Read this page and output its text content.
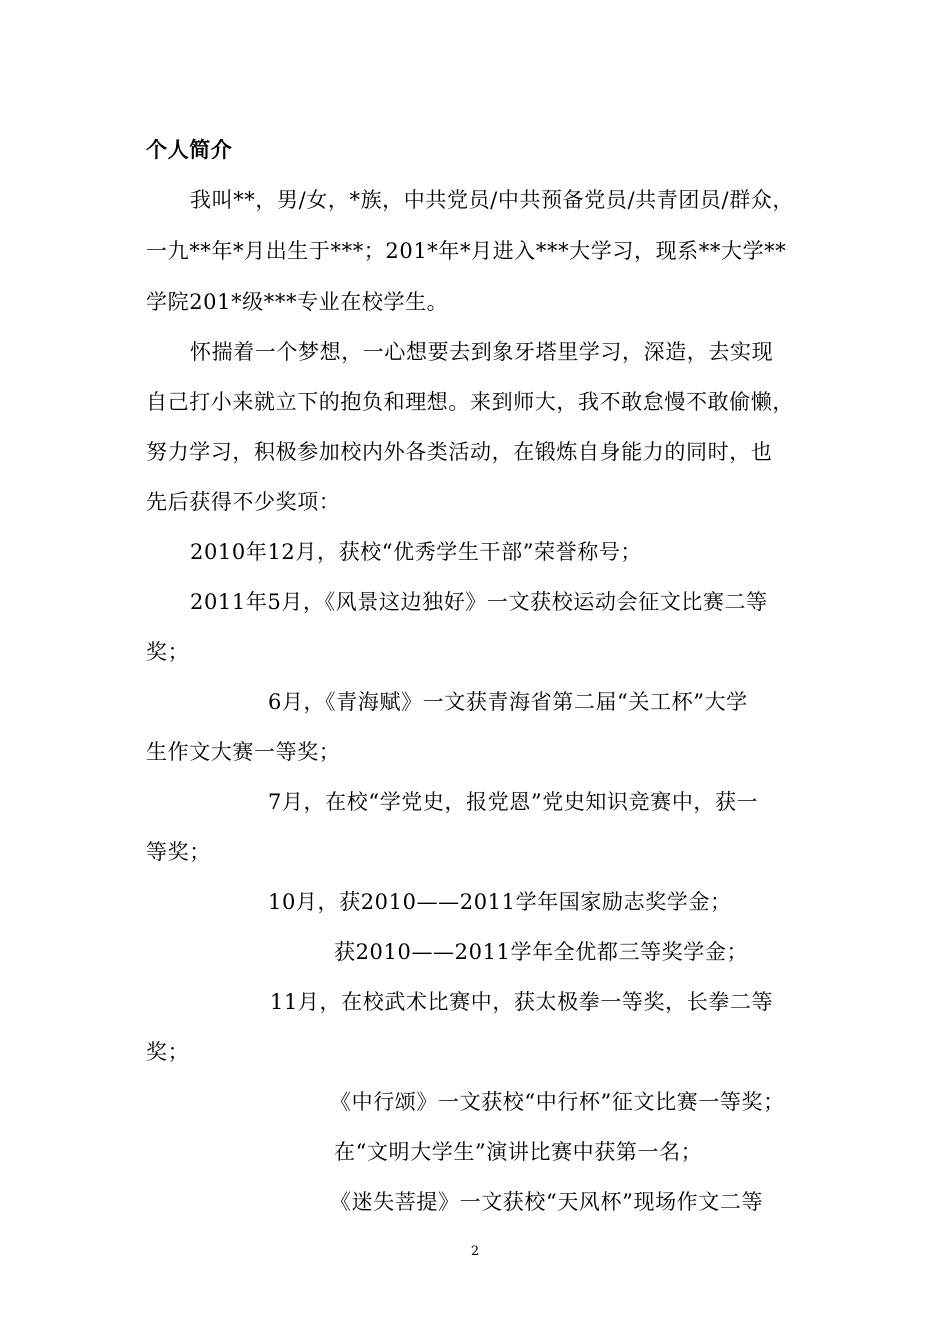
个人简介
我叫**，男/女，*族，中共党员/中共预备党员/共青团员/群众，
一九**年*月出生于***；201*年*月进入***大学习，现系**大学**
学院201*级***专业在校学生。
怀揣着一个梦想，一心想要去到象牙塔里学习，深造，去实现
自己打小来就立下的抱负和理想。来到师大，我不敢怠慢不敢偷懒，
努力学习，积极参加校内外各类活动，在锻炼自身能力的同时，也
先后获得不少奖项：
2010年12月，获校“优秀学生干部”荣誉称号；
2011年5月，《风景这边独好》一文获校运动会征文比赛二等
奖；
6月，《青海赋》一文获青海省第二届“关工杯”大学
生作文大赛一等奖；
7月，在校“学党史，报党恩”党史知识竞赛中，获一
等奖；
10月，获2010——2011学年国家励志奖学金；
获2010——2011学年全优都三等奖学金；
11月，在校武术比赛中，获太极拳一等奖，长拳二等
奖；
《中行颂》一文获校“中行杯”征文比赛一等奖；
在“文明大学生”演讲比赛中获第一名；
《迷失菩提》一文获校“天风杯”现场作文二等
2
